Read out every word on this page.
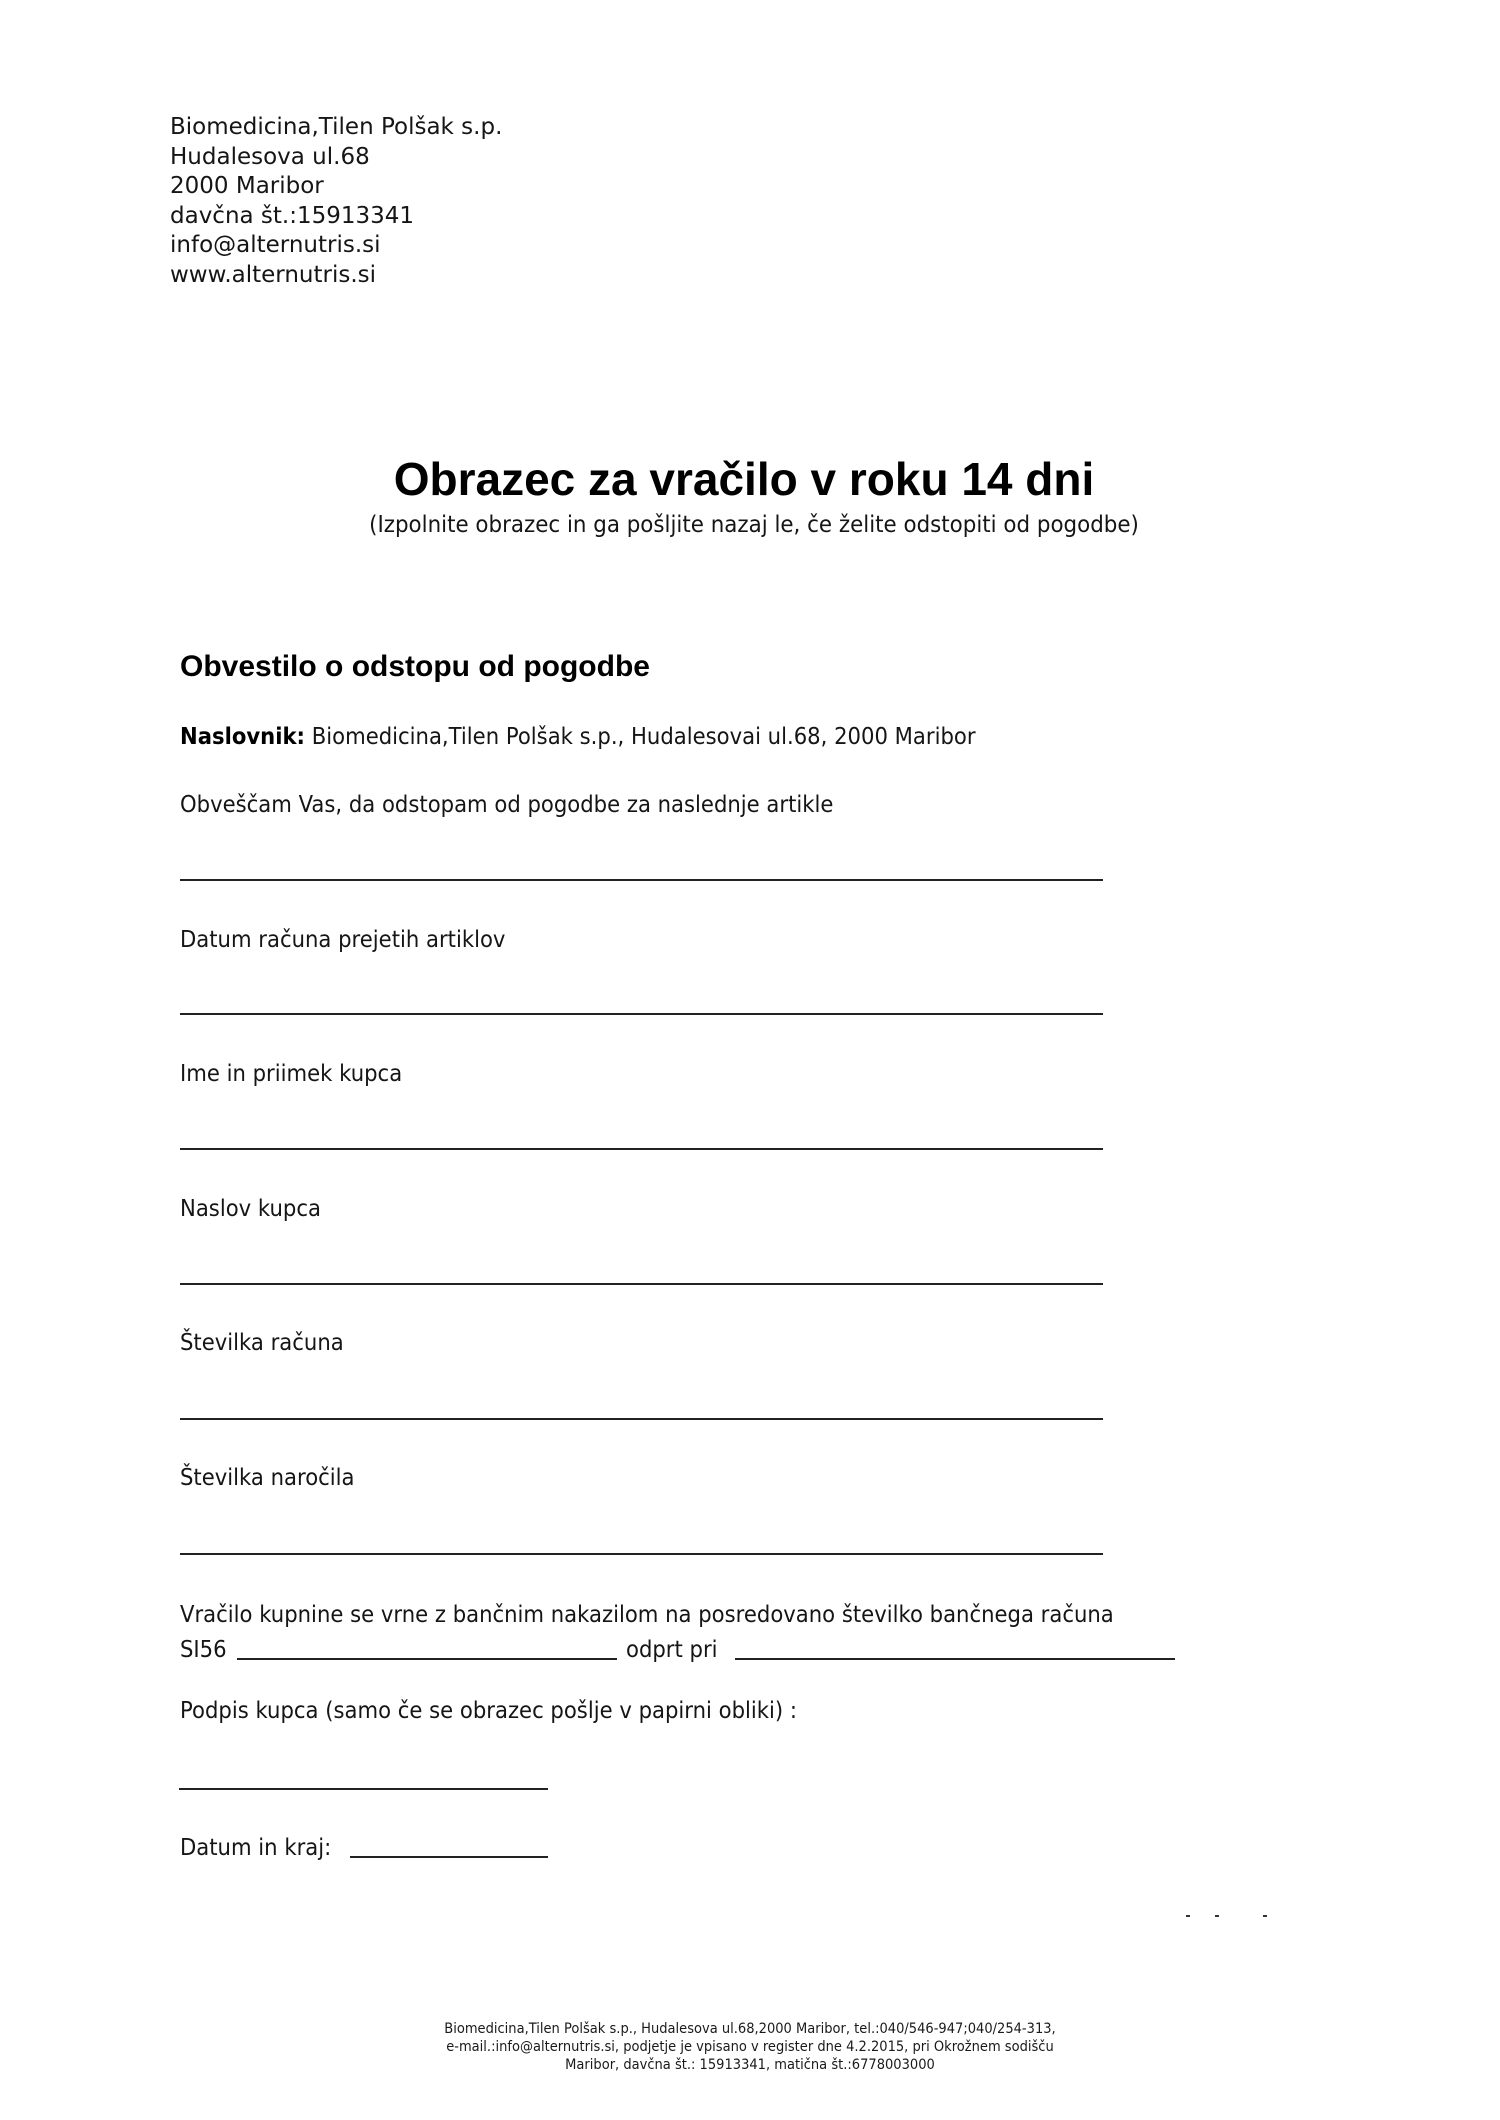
Biomedicina,Tilen Polšak s.p.
Hudalesova ul.68
2000 Maribor
davčna št.:15913341
info@alternutris.si
www.alternutris.si
Obrazec za vračilo v roku 14 dni
(Izpolnite obrazec in ga pošljite nazaj le, če želite odstopiti od pogodbe)
Obvestilo o odstopu od pogodbe
Naslovnik: Biomedicina,Tilen Polšak s.p., Hudalesovai ul.68, 2000 Maribor
Obveščam Vas, da odstopam od pogodbe za naslednje artikle
Datum računa prejetih artiklov
Ime in priimek kupca
Naslov kupca
Številka računa
Številka naročila
Vračilo kupnine se vrne z bančnim nakazilom na posredovano številko bančnega računa
SI56	odprt pri
Podpis kupca (samo če se obrazec pošlje v papirni obliki) :
Datum in kraj:
Biomedicina,Tilen Polšak s.p., Hudalesova ul.68,2000 Maribor, tel.:040/546-947;040/254-313,
e-mail.:info@alternutris.si, podjetje je vpisano v register dne 4.2.2015, pri Okrožnem sodišču
Maribor, davčna št.: 15913341, matična št.:6778003000
